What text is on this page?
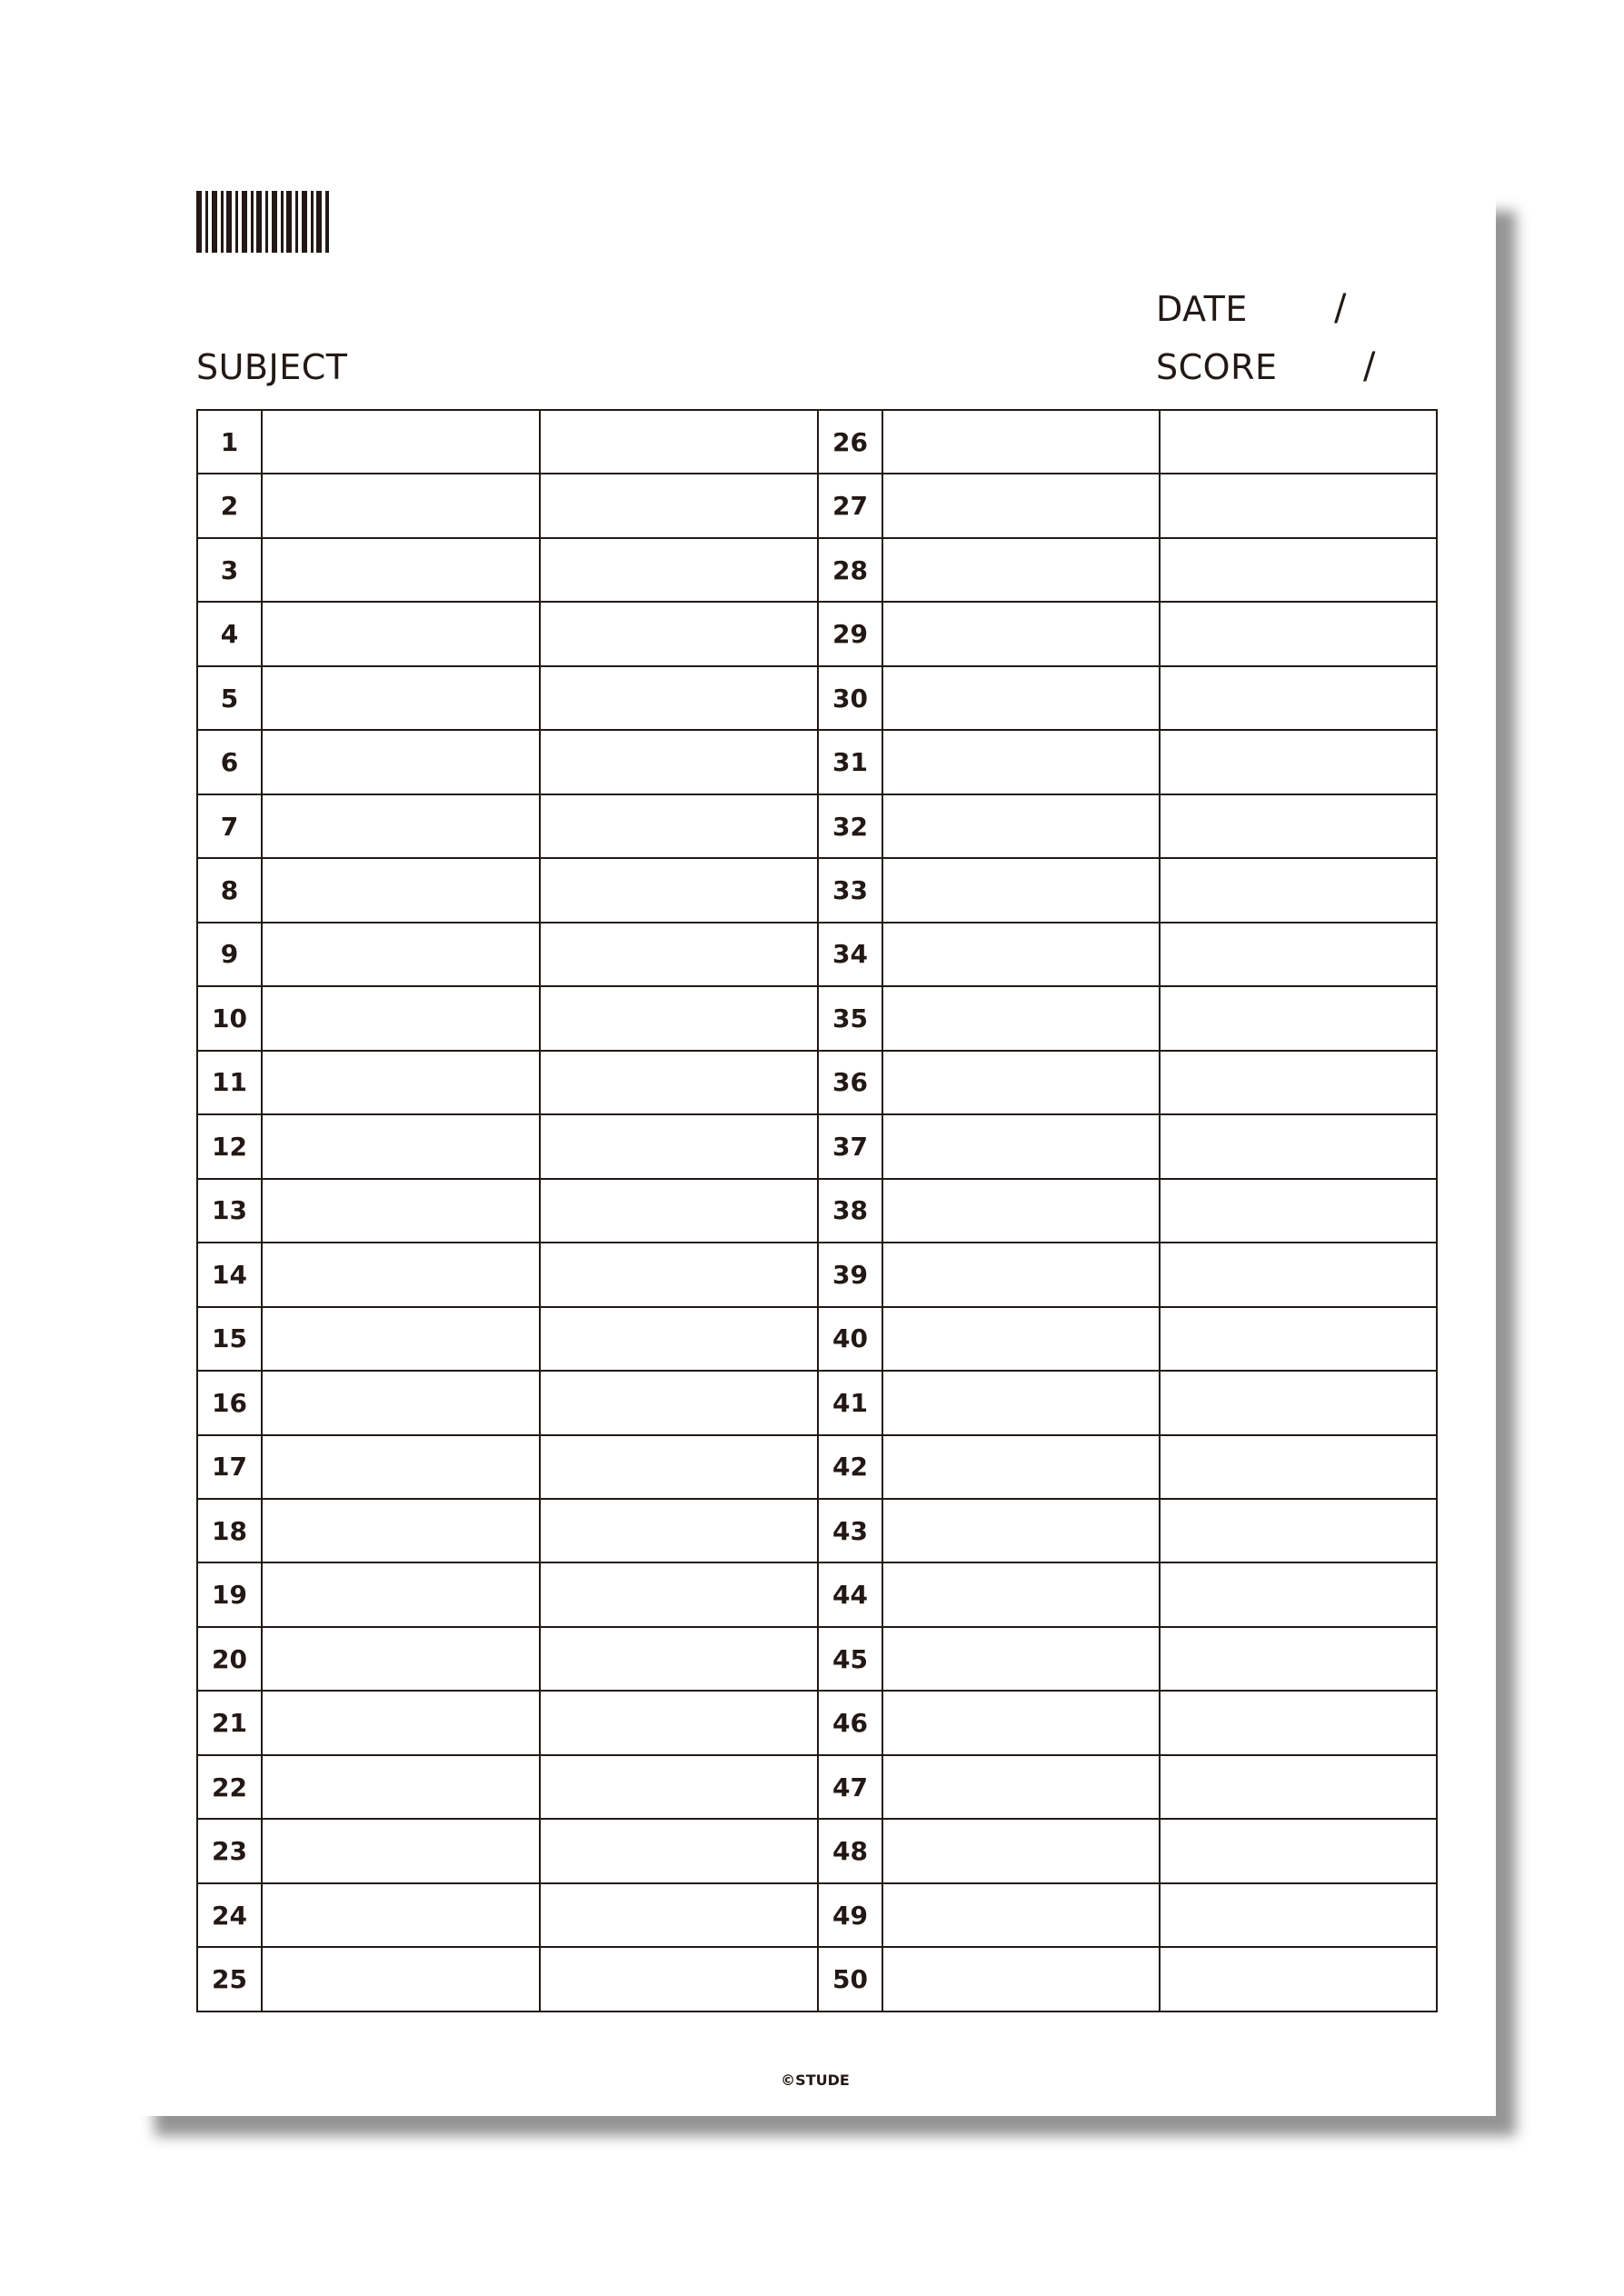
SUBJECT
DATE /
SCORE /
1			26		
2			27		
3			28		
4			29		
5			30		
6			31		
7			32		
8			33		
9			34		
10			35		
11			36		
12			37		
13			38		
14			39		
15			40		
16			41		
17			42		
18			43		
19			44		
20			45		
21			46		
22			47		
23			48		
24			49		
25			50		
©STUDE
